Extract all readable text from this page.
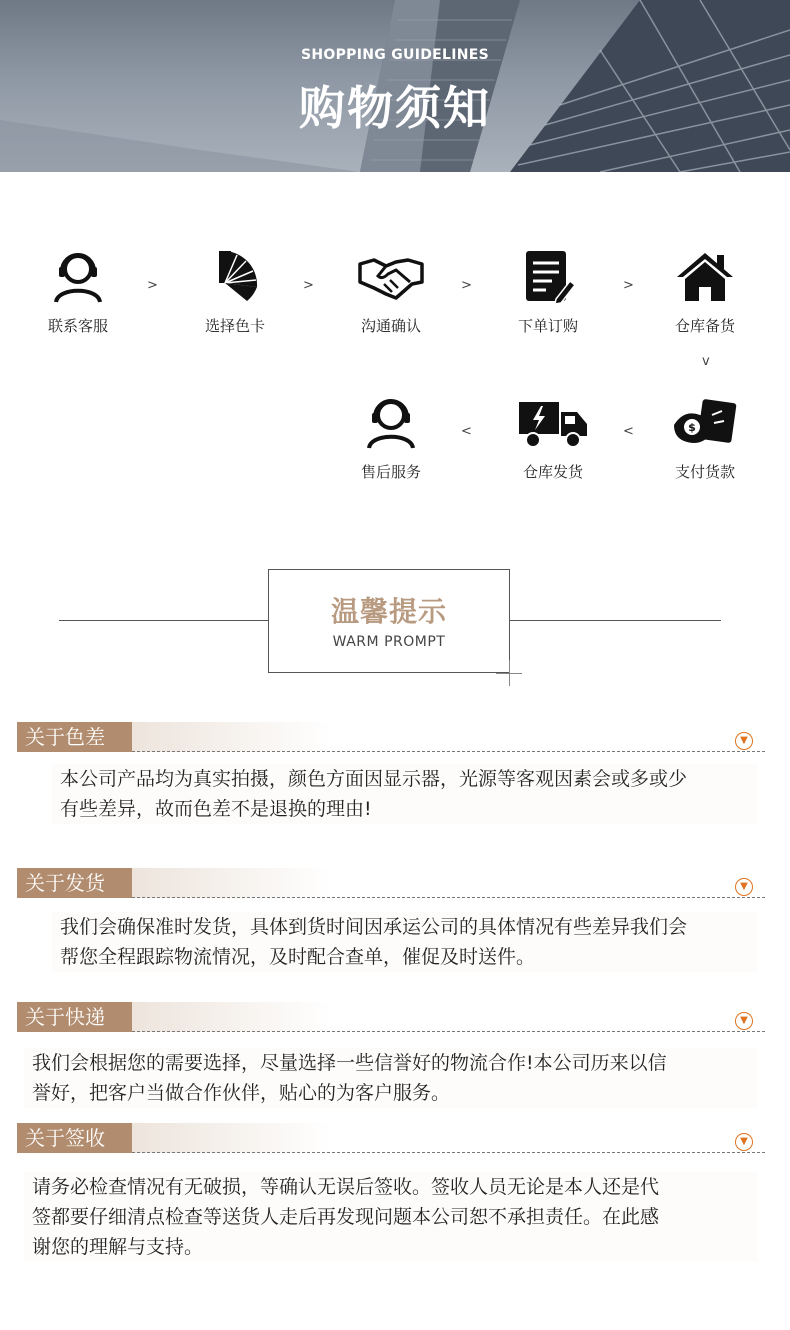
SHOPPING GUIDELINES
购物须知
联系客服
>
选择色卡
>
沟通确认
>
下单订购
>
仓库备货
v
售后服务
<
仓库发货
<	$
支付货款
温馨提示
WARM PROMPT
关于色差	▼
本公司产品均为真实拍摄，颜色方面因显示器，光源等客观因素会或多或少
有些差异，故而色差不是退换的理由!
关于发货	▼
我们会确保准时发货，具体到货时间因承运公司的具体情况有些差异我们会
帮您全程跟踪物流情况，及时配合查单，催促及时送件。
关于快递	▼
我们会根据您的需要选择，尽量选择一些信誉好的物流合作!本公司历来以信
誉好，把客户当做合作伙伴，贴心的为客户服务。
关于签收	▼
请务必检查情况有无破损，等确认无误后签收。签收人员无论是本人还是代
签都要仔细清点检查等送货人走后再发现问题本公司恕不承担责任。在此感
谢您的理解与支持。
